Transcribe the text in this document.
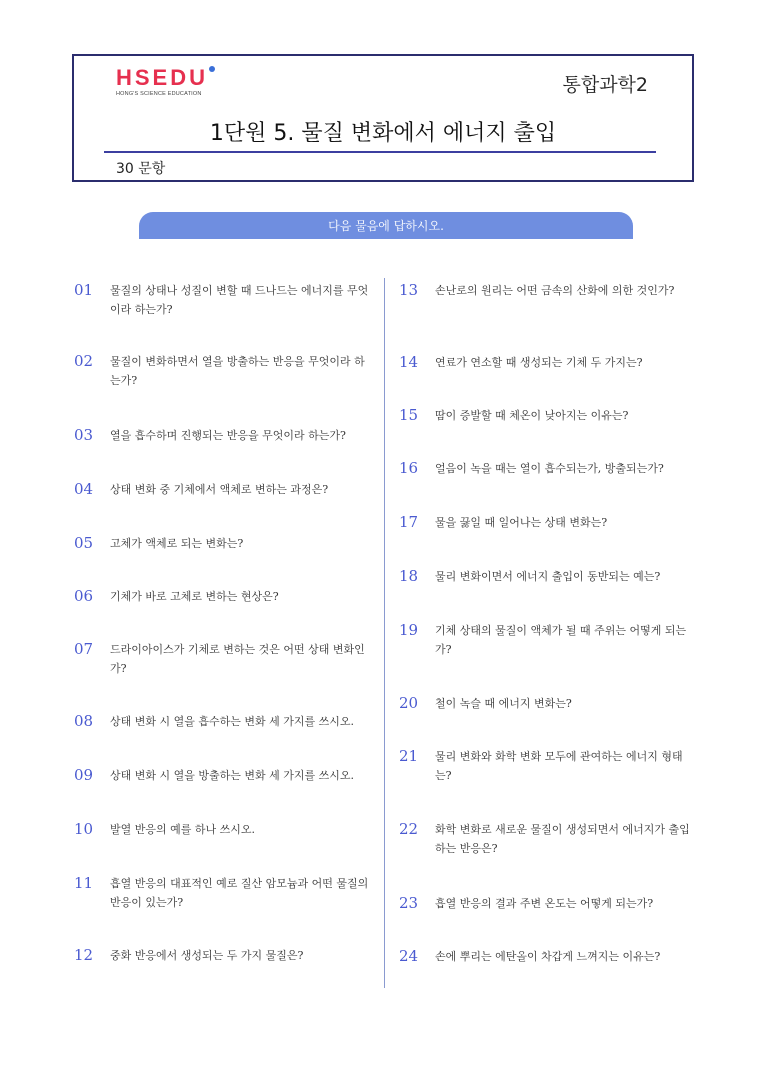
HSEDU
HONG'S SCIENCE EDUCATION	통합과학2
1단원 5. 물질 변화에서 에너지 출입
30 문항
다음 물음에 답하시오.
01	물질의 상태나 성질이 변할 때 드나드는 에너지를 무엇이라 하는가?
02	물질이 변화하면서 열을 방출하는 반응을 무엇이라 하는가?
03	열을 흡수하며 진행되는 반응을 무엇이라 하는가?
04	상태 변화 중 기체에서 액체로 변하는 과정은?
05	고체가 액체로 되는 변화는?
06	기체가 바로 고체로 변하는 현상은?
07	드라이아이스가 기체로 변하는 것은 어떤 상태 변화인가?
08	상태 변화 시 열을 흡수하는 변화 세 가지를 쓰시오.
09	상태 변화 시 열을 방출하는 변화 세 가지를 쓰시오.
10	발열 반응의 예를 하나 쓰시오.
11	흡열 반응의 대표적인 예로 질산 암모늄과 어떤 물질의 반응이 있는가?
12	중화 반응에서 생성되는 두 가지 물질은?
13	손난로의 원리는 어떤 금속의 산화에 의한 것인가?
14	연료가 연소할 때 생성되는 기체 두 가지는?
15	땀이 증발할 때 체온이 낮아지는 이유는?
16	얼음이 녹을 때는 열이 흡수되는가, 방출되는가?
17	물을 끓일 때 일어나는 상태 변화는?
18	물리 변화이면서 에너지 출입이 동반되는 예는?
19	기체 상태의 물질이 액체가 될 때 주위는 어떻게 되는가?
20	철이 녹슬 때 에너지 변화는?
21	물리 변화와 화학 변화 모두에 관여하는 에너지 형태는?
22	화학 변화로 새로운 물질이 생성되면서 에너지가 출입하는 반응은?
23	흡열 반응의 결과 주변 온도는 어떻게 되는가?
24	손에 뿌리는 에탄올이 차갑게 느껴지는 이유는?
